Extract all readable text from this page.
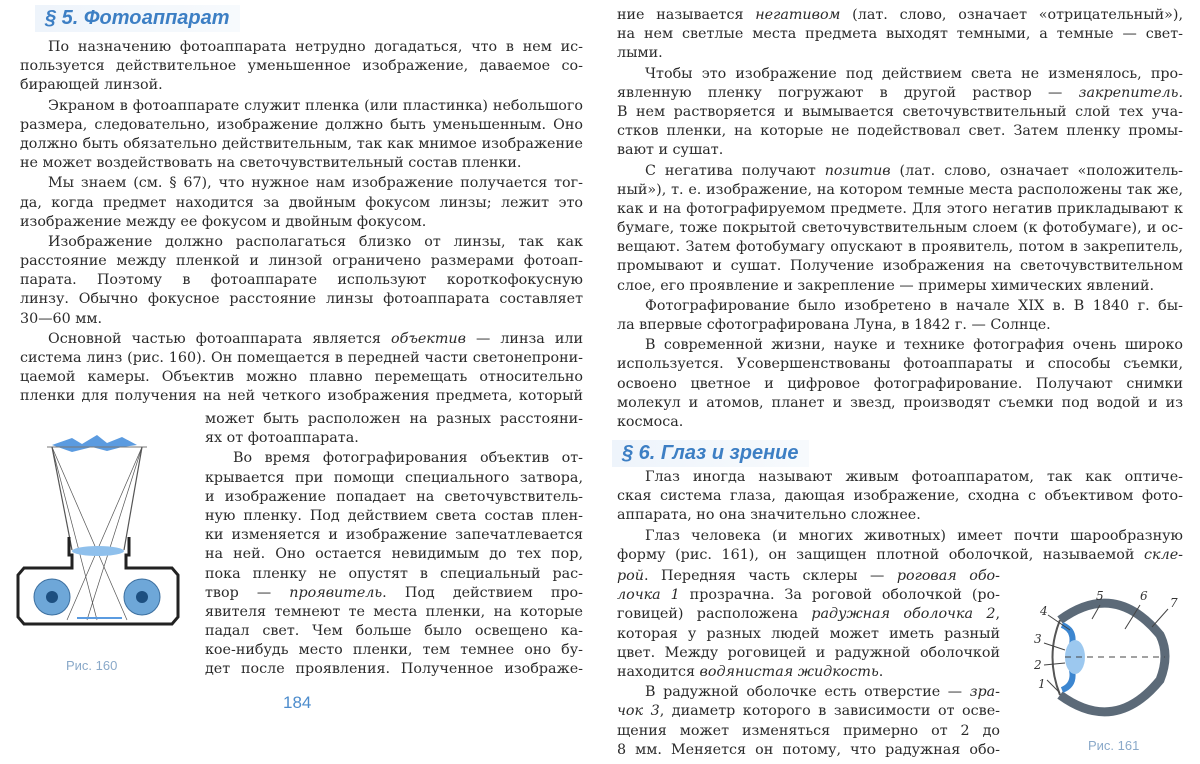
§ 5. Фотоаппарат
По назначению фотоаппарата нетрудно догадаться, что в нем ис-
пользуется действительное уменьшенное изображение, даваемое со-
бирающей линзой.
Экраном в фотоаппарате служит пленка (или пластинка) небольшого
размера, следовательно, изображение должно быть уменьшенным. Оно
должно быть обязательно действительным, так как мнимое изображение
не может воздействовать на светочувствительный состав пленки.
Мы знаем (см. § 67), что нужное нам изображение получается тог-
да, когда предмет находится за двойным фокусом линзы; лежит это
изображение между ее фокусом и двойным фокусом.
Изображение должно располагаться близко от линзы, так как
расстояние между пленкой и линзой ограничено размерами фотоап-
парата. Поэтому в фотоаппарате используют короткофокусную
линзу. Обычно фокусное расстояние линзы фотоаппарата составляет
30—60 мм.
Основной частью фотоаппарата является объектив — линза или
система линз (рис. 160). Он помещается в передней части светонепрони-
цаемой камеры. Объектив можно плавно перемещать относительно
пленки для получения на ней четкого изображения предмета, который
может быть расположен на разных расстояни-
ях от фотоаппарата.
Во время фотографирования объектив от-
крывается при помощи специального затвора,
и изображение попадает на светочувствитель-
ную пленку. Под действием света состав плен-
ки изменяется и изображение запечатлевается
на ней. Оно остается невидимым до тех пор,
пока пленку не опустят в специальный рас-
твор — проявитель. Под действием про-
явителя темнеют те места пленки, на которые
падал свет. Чем больше было освещено ка-
кое-нибудь место пленки, тем темнее оно бу-
дет после проявления. Полученное изображе-
Рис. 160
184
ние называется негативом (лат. слово, означает «отрицательный»),
на нем светлые места предмета выходят темными, а темные — свет-
лыми.
Чтобы это изображение под действием света не изменялось, про-
явленную пленку погружают в другой раствор — закрепитель.
В нем растворяется и вымывается светочувствительный слой тех уча-
стков пленки, на которые не подействовал свет. Затем пленку промы-
вают и сушат.
С негатива получают позитив (лат. слово, означает «положитель-
ный»), т. е. изображение, на котором темные места расположены так же,
как и на фотографируемом предмете. Для этого негатив прикладывают к
бумаге, тоже покрытой светочувствительным слоем (к фотобумаге), и ос-
вещают. Затем фотобумагу опускают в проявитель, потом в закрепитель,
промывают и сушат. Получение изображения на светочувствительном
слое, его проявление и закрепление — примеры химических явлений.
Фотографирование было изобретено в начале XIX в. В 1840 г. бы-
ла впервые сфотографирована Луна, в 1842 г. — Солнце.
В современной жизни, науке и технике фотография очень широко
используется. Усовершенствованы фотоаппараты и способы съемки,
освоено цветное и цифровое фотографирование. Получают снимки
молекул и атомов, планет и звезд, производят съемки под водой и из
космоса.
§ 6. Глаз и зрение
Глаз иногда называют живым фотоаппаратом, так как оптиче-
ская система глаза, дающая изображение, сходна с объективом фото-
аппарата, но она значительно сложнее.
Глаз человека (и многих животных) имеет почти шарообразную
форму (рис. 161), он защищен плотной оболочкой, называемой скле-
рой. Передняя часть склеры — роговая обо-
лочка 1 прозрачна. За роговой оболочкой (ро-
говицей) расположена радужная оболочка 2,
которая у разных людей может иметь разный
цвет. Между роговицей и радужной оболочкой
находится водянистая жидкость.
В радужной оболочке есть отверстие — зра-
чок 3, диаметр которого в зависимости от осве-
щения может изменяться примерно от 2 до
8 мм. Меняется он потому, что радужная обо-
1
2
3
4
5	6 7
Рис. 161
